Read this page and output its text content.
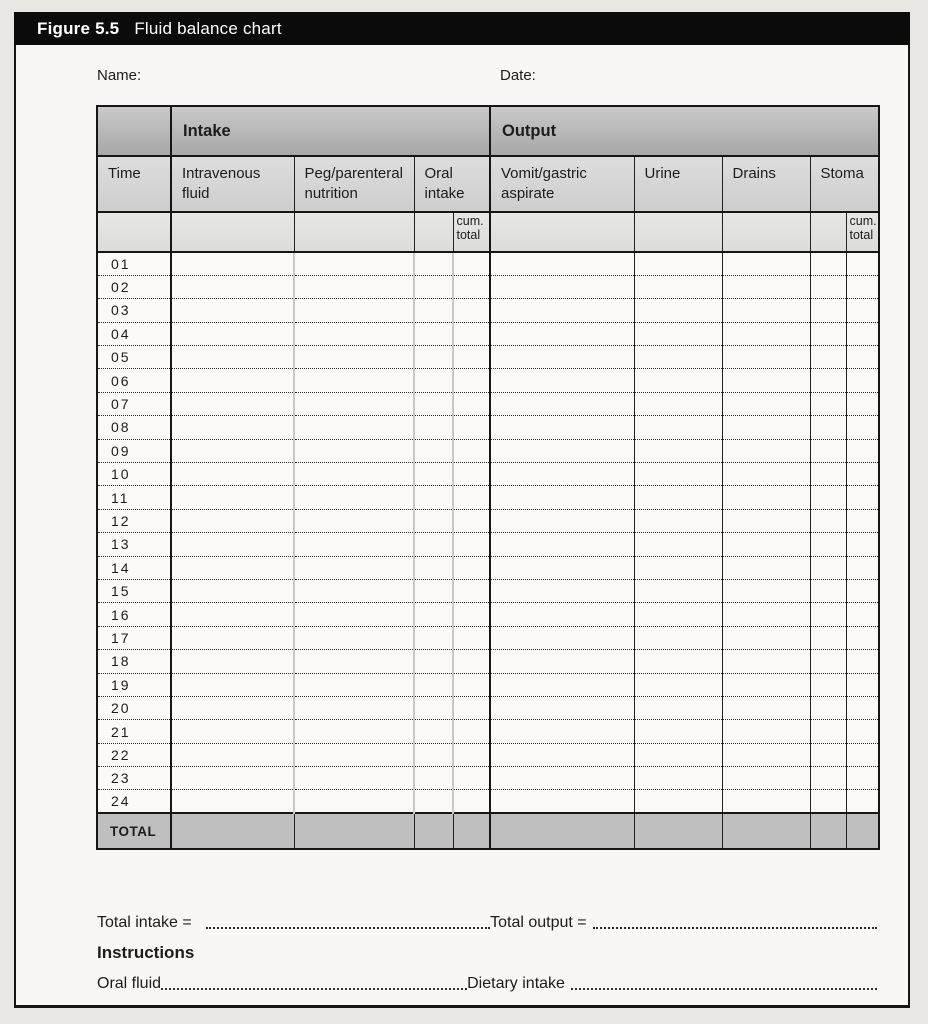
Figure 5.5 Fluid balance chart
Name:	Date:
	Intake				Output				
Time	Intravenous fluid	Peg/parenteral nutrition	Oral intake		Vomit/gastric aspirate	Urine	Drains	Stoma	
				cum. total					cum. total
01									
02									
03									
04									
05									
06									
07									
08									
09									
10									
11									
12									
13									
14									
15									
16									
17									
18									
19									
20									
21									
22									
23									
24									
TOTAL									
Total intake =	Total output =
Instructions
Oral fluid	Dietary intake
